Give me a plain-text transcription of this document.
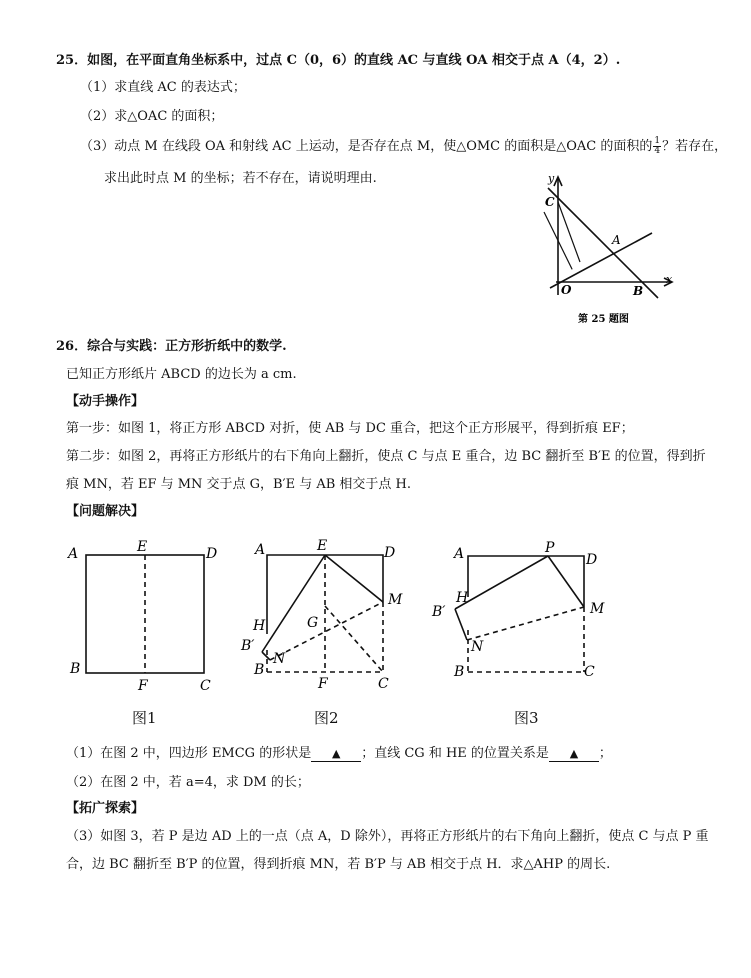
25．如图，在平面直角坐标系中，过点 C（0，6）的直线 AC 与直线 OA 相交于点 A（4，2）.
（1）求直线 AC 的表达式；
（2）求△OAC 的面积；
（3）动点 M 在线段 OA 和射线 AC 上运动，是否存在点 M，使△OMC 的面积是△OAC 的面积的 $\frac{1}{4}$ ？若存在，
求出此时点 M 的坐标；若不存在，请说明理由.	y
x
C
A
O	B
第 25 题图
26．综合与实践：正方形折纸中的数学.
已知正方形纸片 ABCD 的边长为 a cm.
【动手操作】
第一步：如图 1，将正方形 ABCD 对折，使 AB 与 DC 重合，把这个正方形展平，得到折痕 EF；
第二步：如图 2，再将正方形纸片的右下角向上翻折，使点 C 与点 E 重合，边 BC 翻折至 B′E 的位置，得到折
痕 MN，若 EF 与 MN 交于点 G，B′E 与 AB 相交于点 H.
【问题解决】
A	E	D
B
F	C
A	E	D
M
H	G
B′
N
B
F	C
A	P
D
H
M
B′
N
B	C
图1	图2	图3
（1）在图 2 中，四边形 EMCG 的形状是 ▲ ；直线 CG 和 HE 的位置关系是 ▲ ；
（2）在图 2 中，若 a=4，求 DM 的长；
【拓广探索】
（3）如图 3，若 P 是边 AD 上的一点（点 A，D 除外），再将正方形纸片的右下角向上翻折，使点 C 与点 P 重
合，边 BC 翻折至 B′P 的位置，得到折痕 MN，若 B′P 与 AB 相交于点 H．求△AHP 的周长.
